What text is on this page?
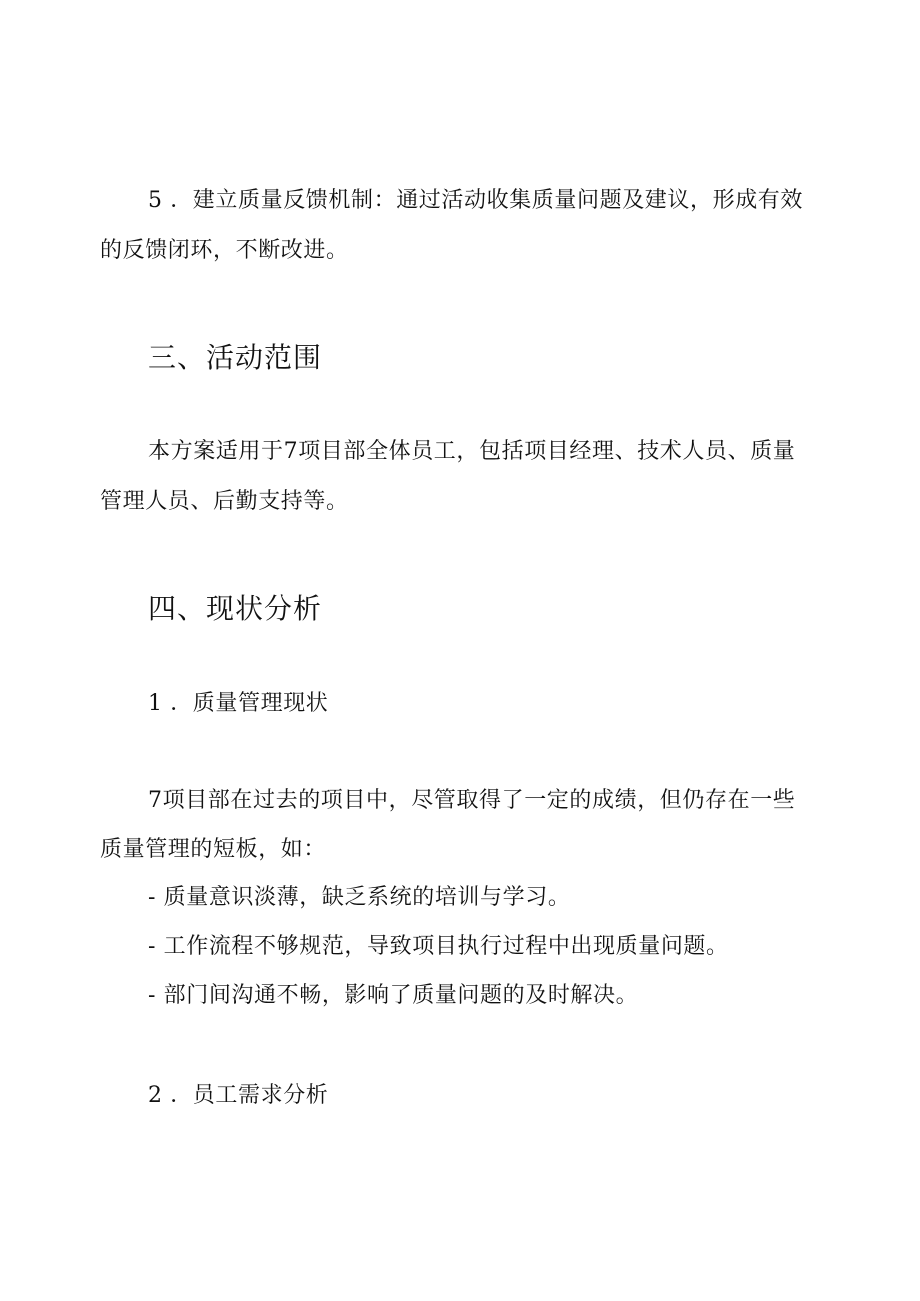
5 ．建立质量反馈机制：通过活动收集质量问题及建议，形成有效
的反馈闭环，不断改进。
三、活动范围
本方案适用于7项目部全体员工，包括项目经理、技术人员、质量
管理人员、后勤支持等。
四、现状分析
1 ．质量管理现状
7项目部在过去的项目中，尽管取得了一定的成绩，但仍存在一些
质量管理的短板，如：
- 质量意识淡薄，缺乏系统的培训与学习。
- 工作流程不够规范，导致项目执行过程中出现质量问题。
- 部门间沟通不畅，影响了质量问题的及时解决。
2 ．员工需求分析
